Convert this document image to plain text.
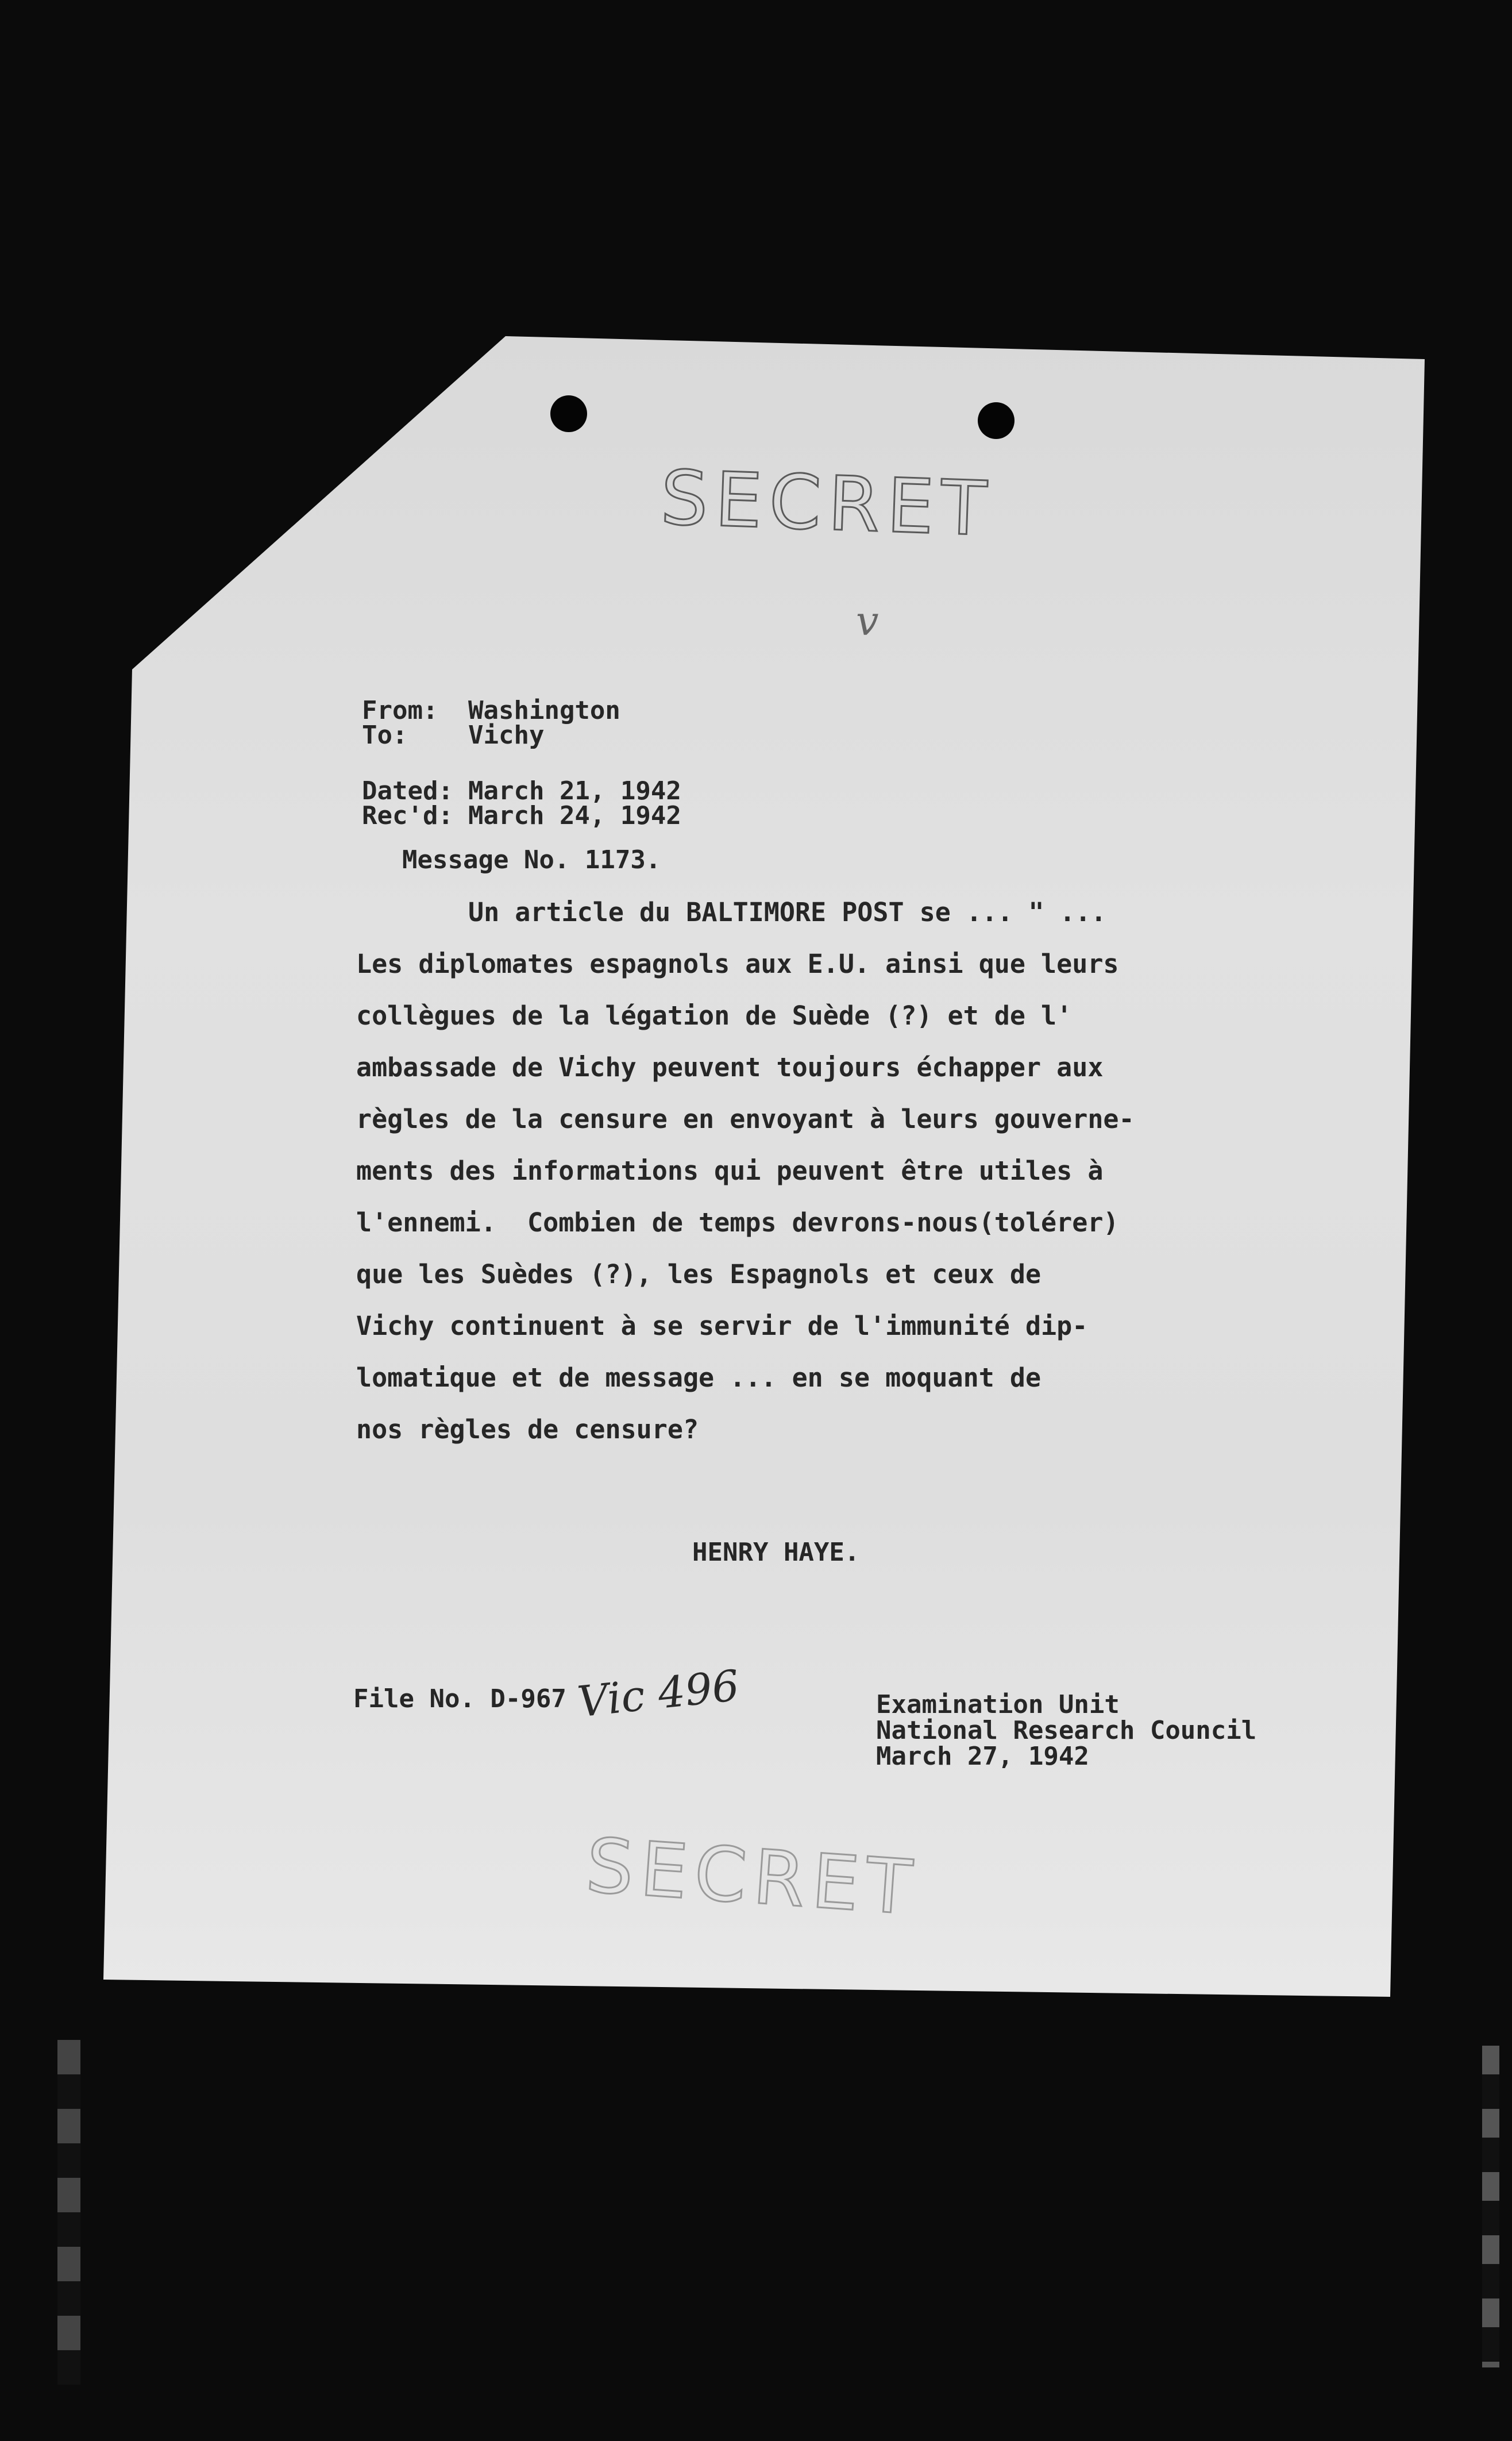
SECRET
v
From: Washington
To: Vichy
Dated: March 21, 1942
Rec'd: March 24, 1942
Message No. 1173.
Un article du BALTIMORE POST se ... " ...
Les diplomates espagnols aux E.U. ainsi que leurs
collègues de la légation de Suède (?) et de l'
ambassade de Vichy peuvent toujours échapper aux
règles de la censure en envoyant à leurs gouverne-
ments des informations qui peuvent être utiles à
l'ennemi.  Combien de temps devrons-nous(tolérer)
que les Suèdes (?), les Espagnols et ceux de
Vichy continuent à se servir de l'immunité dip-
lomatique et de message ... en se moquant de
nos règles de censure?
HENRY HAYE.
File No. D-967 Vic 496	Examination Unit
National Research Council
March 27, 1942
SECRET
